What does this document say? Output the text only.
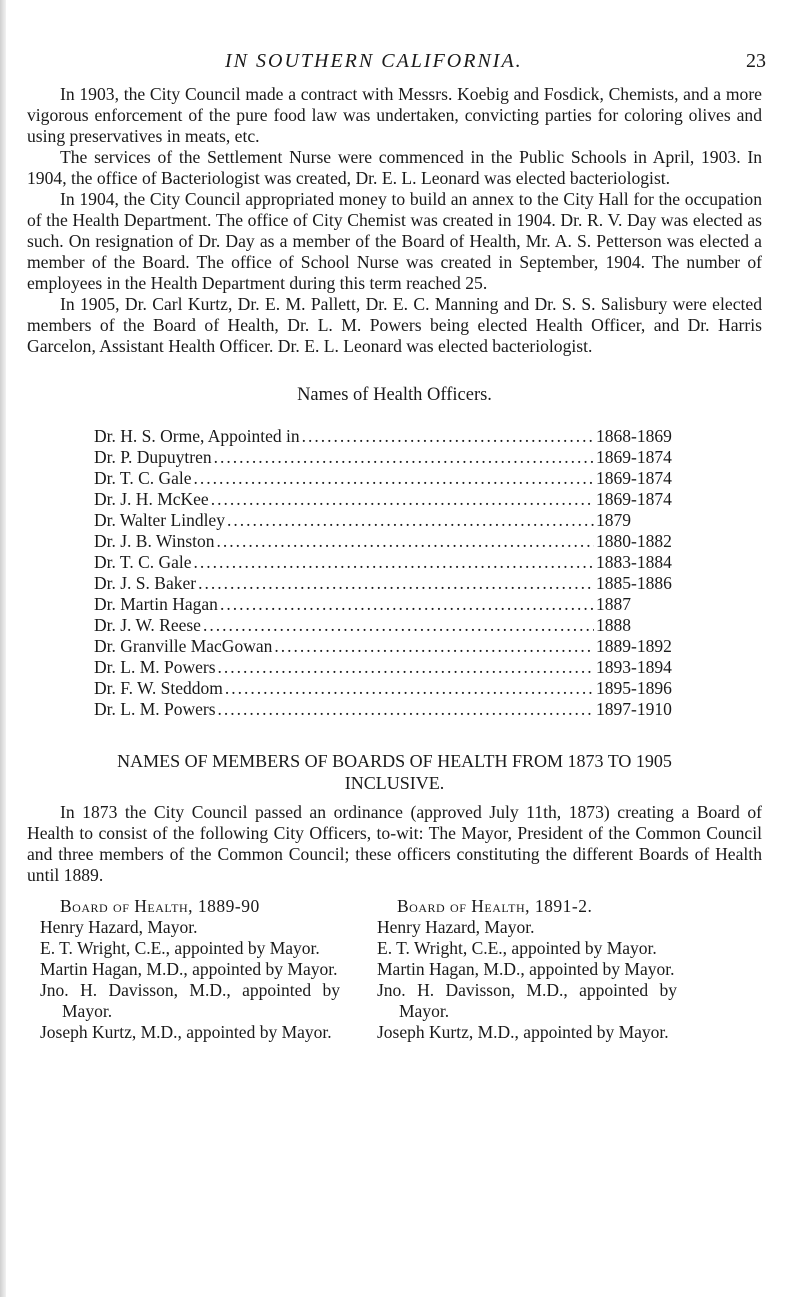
IN SOUTHERN CALIFORNIA.	23

In 1903, the City Council made a contract with Messrs. Koebig and Fosdick, Chemists, and a more vigorous enforcement of the pure food law was undertaken, convicting parties for coloring olives and using preservatives in meats, etc.

The services of the Settlement Nurse were commenced in the Public Schools in April, 1903. In 1904, the office of Bacteriologist was created, Dr. E. L. Leonard was elected bacteriologist.

In 1904, the City Council appropriated money to build an annex to the City Hall for the occupation of the Health Department. The office of City Chemist was created in 1904. Dr. R. V. Day was elected as such. On resignation of Dr. Day as a member of the Board of Health, Mr. A. S. Petterson was elected a member of the Board. The office of School Nurse was created in September, 1904. The number of employees in the Health Department during this term reached 25.

In 1905, Dr. Carl Kurtz, Dr. E. M. Pallett, Dr. E. C. Manning and Dr. S. S. Salisbury were elected members of the Board of Health, Dr. L. M. Powers being elected Health Officer, and Dr. Harris Garcelon, Assistant Health Officer. Dr. E. L. Leonard was elected bacteriologist.

Names of Health Officers.
Dr. H. S. Orme, Appointed in .....	1868-1869
Dr. P. Dupuytren .....	1869-1874
Dr. T. C. Gale .....	1869-1874
Dr. J. H. McKee .....	1869-1874
Dr. Walter Lindley .....	1879
Dr. J. B. Winston .....	1880-1882
Dr. T. C. Gale .....	1883-1884
Dr. J. S. Baker .....	1885-1886
Dr. Martin Hagan .....	1887
Dr. J. W. Reese .....	1888
Dr. Granville MacGowan .....	1889-1892
Dr. L. M. Powers .....	1893-1894
Dr. F. W. Steddom .....	1895-1896
Dr. L. M. Powers .....	1897-1910
NAMES OF MEMBERS OF BOARDS OF HEALTH FROM 1873 TO 1905
INCLUSIVE.

In 1873 the City Council passed an ordinance (approved July 11th, 1873) creating a Board of Health to consist of the following City Officers, to-wit: The Mayor, President of the Common Council and three members of the Common Council; these officers constituting the different Boards of Health until 1889.

Board of Health, 1889-90
Henry Hazard, Mayor.
E. T. Wright, C.E., appointed by Mayor.
Martin Hagan, M.D., appointed by Mayor.
Jno. H. Davisson, M.D., appointed by Mayor.
Joseph Kurtz, M.D., appointed by Mayor.
Board of Health, 1891-2.
Henry Hazard, Mayor.
E. T. Wright, C.E., appointed by Mayor.
Martin Hagan, M.D., appointed by Mayor.
Jno. H. Davisson, M.D., appointed by Mayor.
Joseph Kurtz, M.D., appointed by Mayor.
